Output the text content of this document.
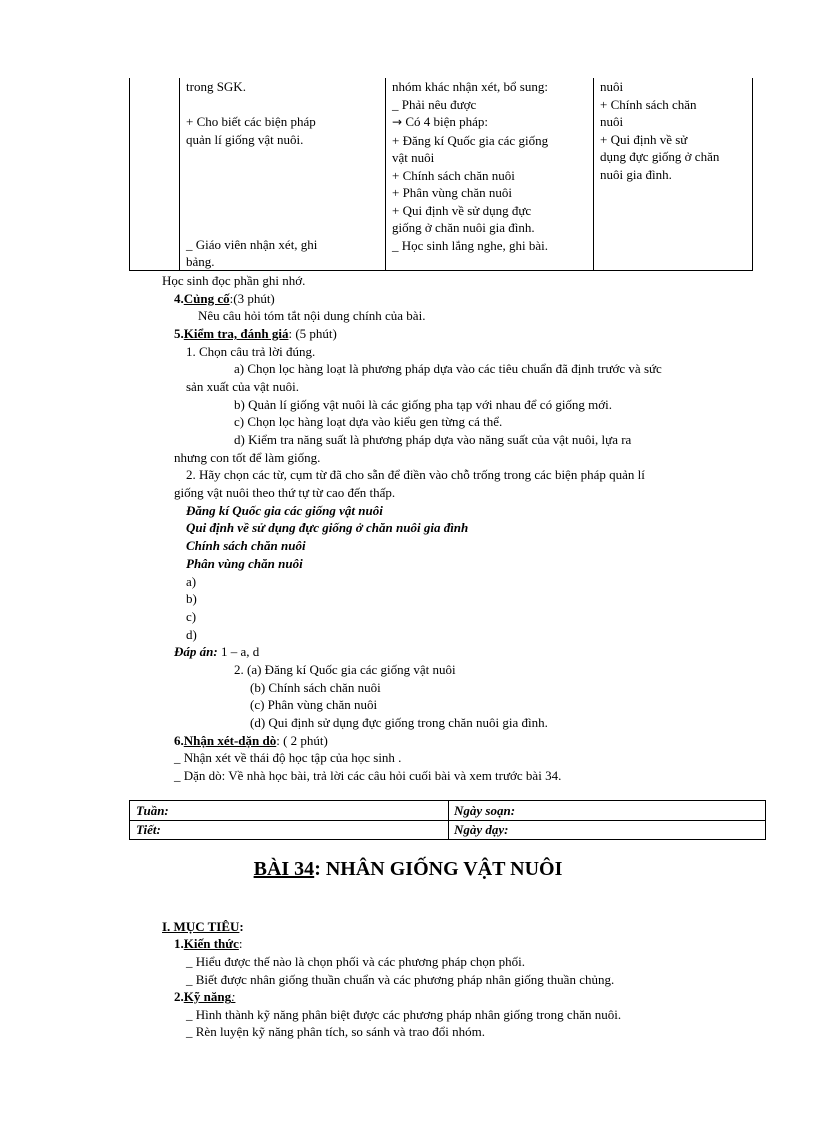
trong SGK.

+ Cho biết các biện pháp
quản lí giống vật nuôi.

_ Giáo viên nhận xét, ghi
bảng.
nhóm khác nhận xét, bổ sung:
_ Phải nêu được
→ Có 4 biện pháp:
+ Đăng kí Quốc gia các giống
vật nuôi
+ Chính sách chăn nuôi
+ Phân vùng chăn nuôi
+ Qui định về sử dụng đực
giống ở chăn nuôi gia đình.
_ Học sinh lắng nghe, ghi bài.
nuôi
+ Chính sách chăn
nuôi
+ Qui định về sử
dụng đực giống ở chăn
nuôi gia đình.
Học sinh đọc phần ghi nhớ.
4.Củng cố:(3 phút)
Nêu câu hỏi tóm tắt nội dung chính của bài.
5.Kiểm tra, đánh giá: (5 phút)
1. Chọn câu trả lời đúng.
a) Chọn lọc hàng loạt là phương pháp dựa vào các tiêu chuẩn đã định trước và sức
sản xuất của vật nuôi.
b) Quản lí giống vật nuôi là các giống pha tạp với nhau để có giống mới.
c) Chọn lọc hàng loạt dựa vào kiểu gen từng cá thể.
d) Kiểm tra năng suất là phương pháp dựa vào năng suất của vật nuôi, lựa ra
nhưng con tốt để làm giống.
2. Hãy chọn các từ, cụm từ đã cho sẵn để điền vào chỗ trống trong các biện pháp quản lí
giống vật nuôi theo thứ tự từ cao đến thấp.
Đăng kí Quốc gia các giống vật nuôi
Qui định về sử dụng đực giống ở chăn nuôi gia đình
Chính sách chăn nuôi
Phân vùng chăn nuôi
a)
b)
c)
d)
Đáp án: 1 – a, d
2. (a) Đăng kí Quốc gia các giống vật nuôi
(b) Chính sách chăn nuôi
(c) Phân vùng chăn nuôi
(d) Qui định sử dụng đực giống trong chăn nuôi gia đình.
6.Nhận xét-dặn dò: ( 2 phút)
_ Nhận xét về thái độ học tập của học sinh .
_ Dặn dò: Về nhà học bài, trả lời các câu hỏi cuối bài và xem trước bài 34.
Tuần:	Ngày soạn:
Tiết:	Ngày dạy:
BÀI 34: NHÂN GIỐNG VẬT NUÔI
I. MỤC TIÊU:
1.Kiến thức:
_ Hiểu được thế nào là chọn phối và các phương pháp chọn phối.
_ Biết được nhân giống thuần chuẩn và các phương pháp nhân giống thuần chủng.
2.Kỹ năng:
_ Hình thành kỹ năng phân biệt được các phương pháp nhân giống trong chăn nuôi.
_ Rèn luyện kỹ năng phân tích, so sánh và trao đổi nhóm.
